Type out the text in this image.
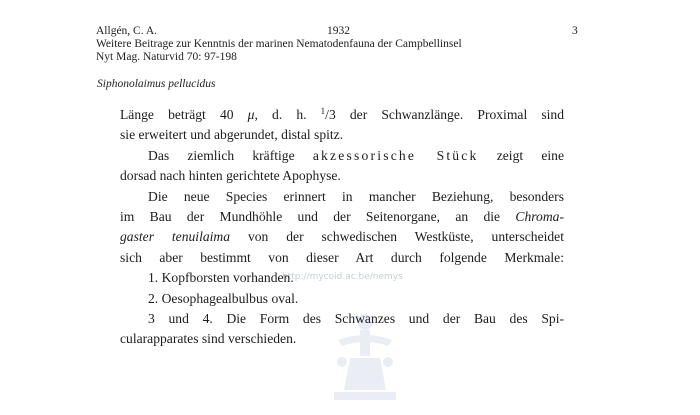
Allgén, C. A.	1932	3
Weitere Beitrage zur Kenntnis der marinen Nematodenfauna der Campbellinsel
Nyt Mag. Naturvid 70: 97-198
Siphonolaimus pellucidus
http://mycoid.ac.be/nemys
Länge beträgt 40 μ, d. h. $^1$/3 der Schwanzlänge. Proximal sind
sie erweitert und abgerundet, distal spitz.
Das ziemlich kräftige akzessorische Stück zeigt eine
dorsad nach hinten gerichtete Apophyse.
Die neue Species erinnert in mancher Beziehung, besonders
im Bau der Mundhöhle und der Seitenorgane, an die Chroma-
gaster tenuilaima von der schwedischen Westküste, unterscheidet
sich aber bestimmt von dieser Art durch folgende Merkmale:
1. Kopfborsten vorhanden.
2. Oesophagealbulbus oval.
3 und 4. Die Form des Schwanzes und der Bau des Spi-
cularapparates sind verschieden.
